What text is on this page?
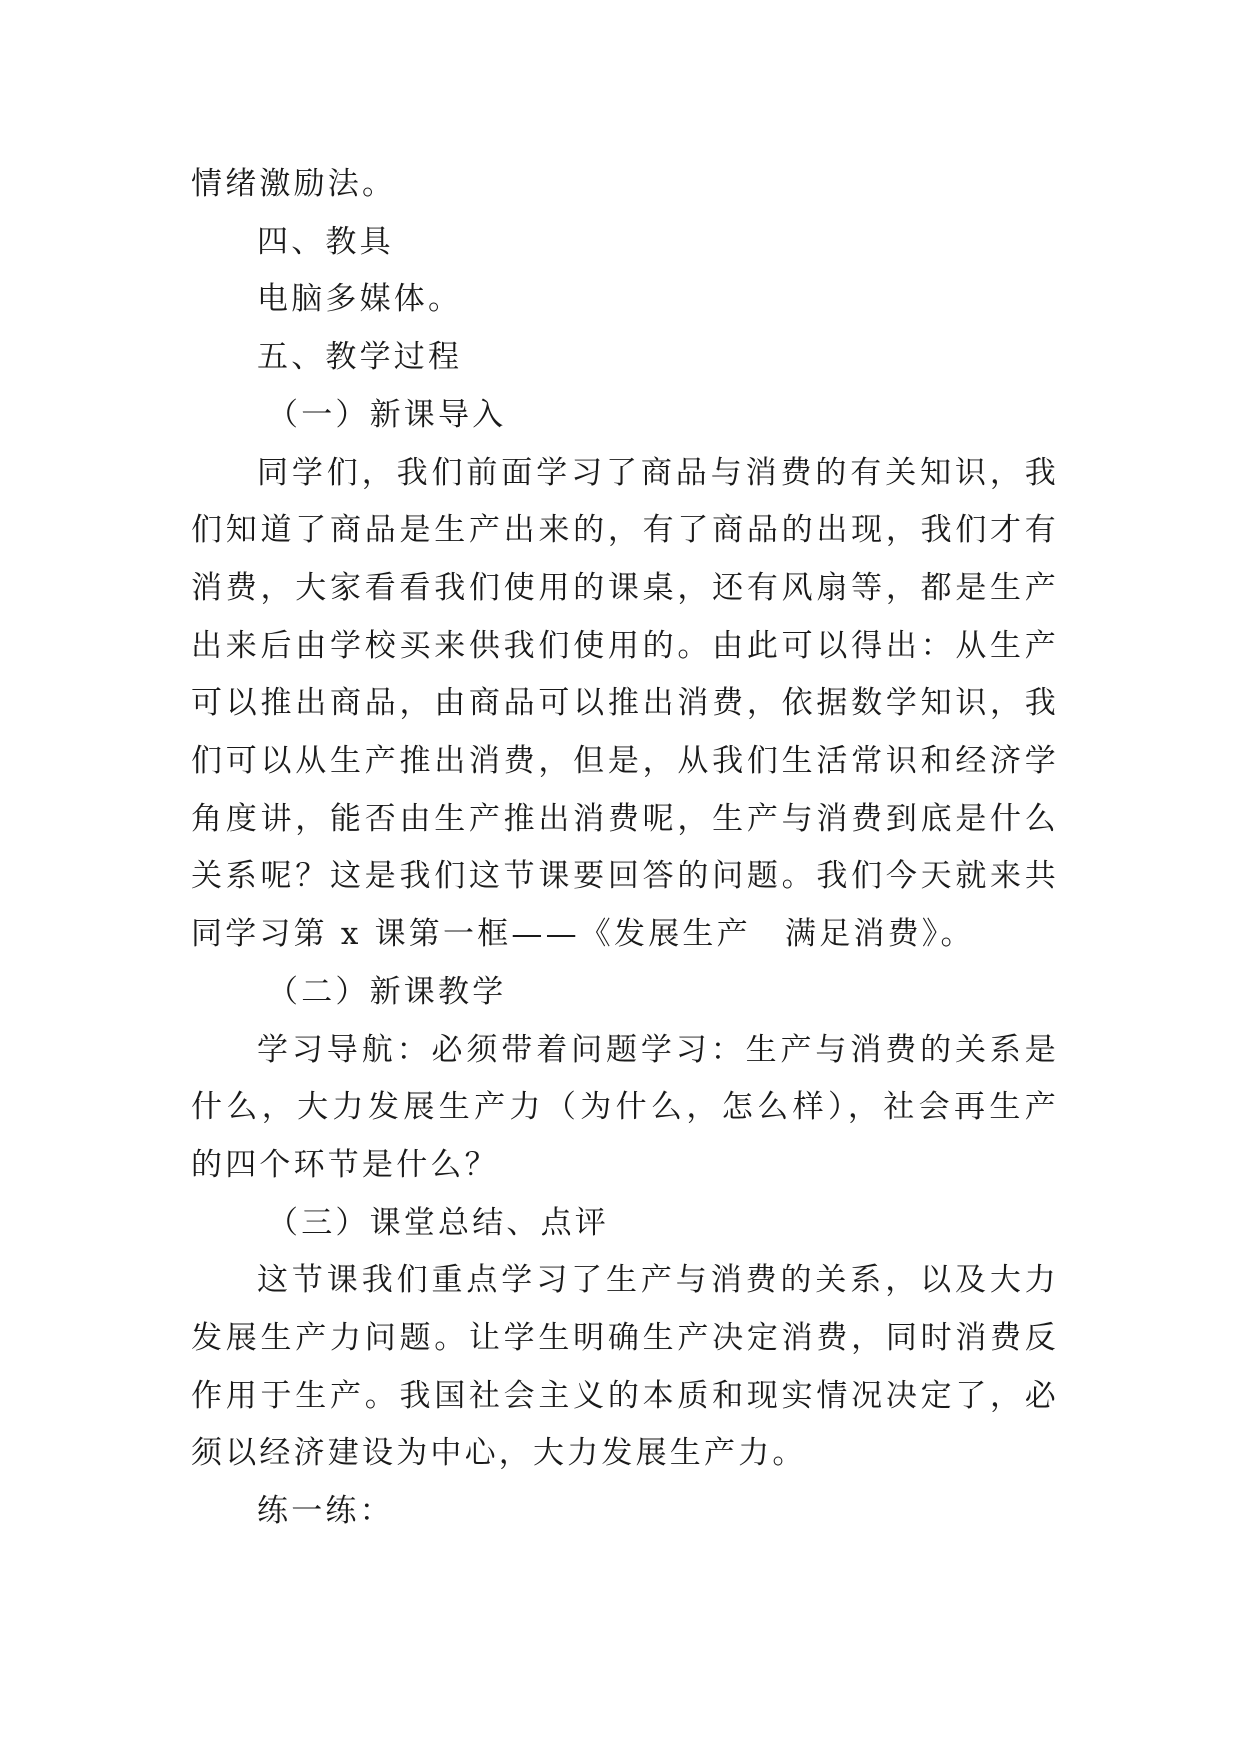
情绪激励法。

四、教具

电脑多媒体。

五、教学过程

（一）新课导入

同学们，我们前面学习了商品与消费的有关知识，我们知道了商品是生产出来的，有了商品的出现，我们才有消费，大家看看我们使用的课桌，还有风扇等，都是生产出来后由学校买来供我们使用的。由此可以得出：从生产可以推出商品，由商品可以推出消费，依据数学知识，我们可以从生产推出消费，但是，从我们生活常识和经济学角度讲，能否由生产推出消费呢，生产与消费到底是什么关系呢？这是我们这节课要回答的问题。我们今天就来共同学习第 x 课第一框——《发展生产　满足消费》。

（二）新课教学

学习导航：必须带着问题学习：生产与消费的关系是什么，大力发展生产力（为什么，怎么样），社会再生产的四个环节是什么？

（三）课堂总结、点评

这节课我们重点学习了生产与消费的关系，以及大力发展生产力问题。让学生明确生产决定消费，同时消费反作用于生产。我国社会主义的本质和现实情况决定了，必须以经济建设为中心，大力发展生产力。

练一练：
